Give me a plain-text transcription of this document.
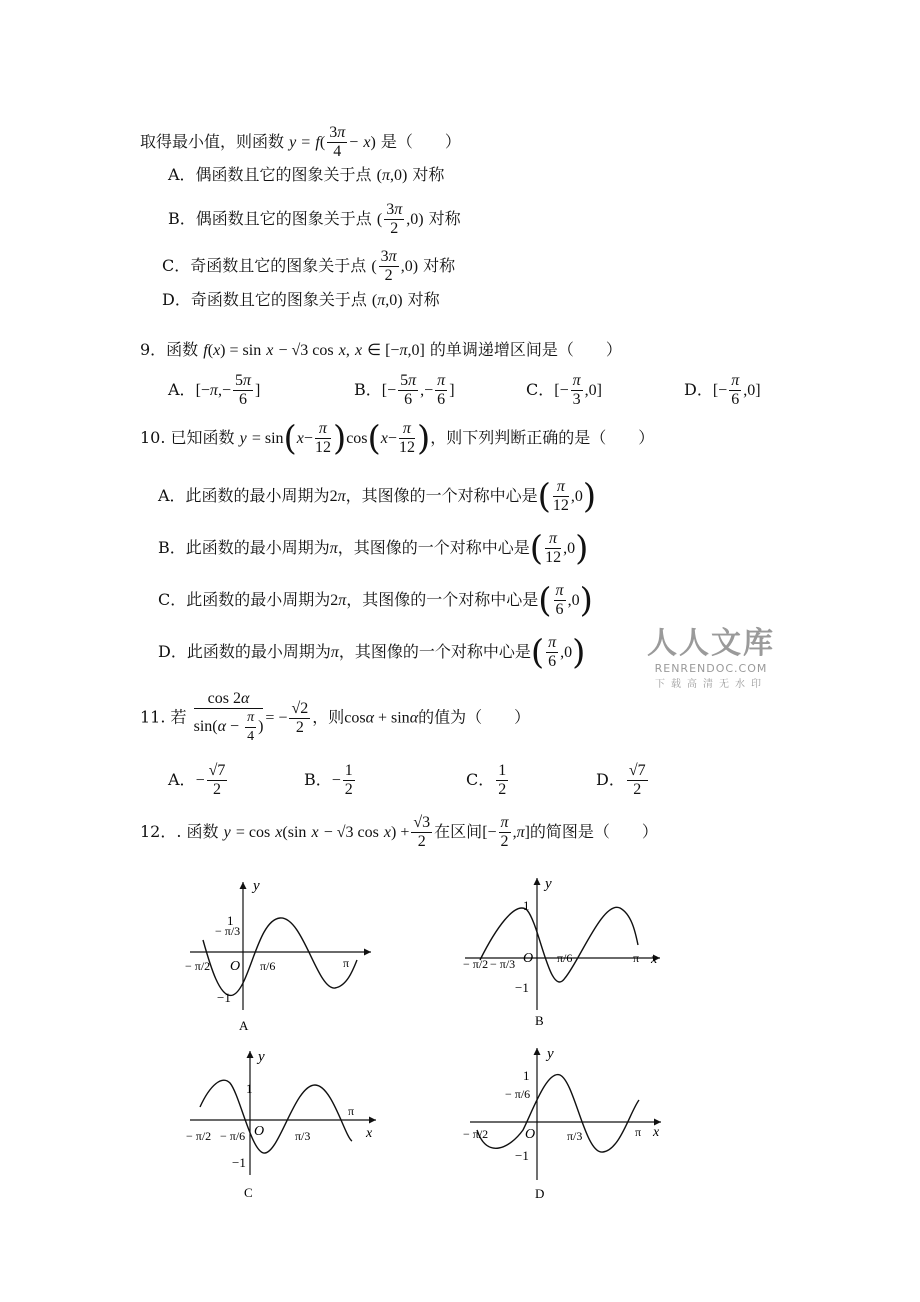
取得最小值，则函数 $y = f( \frac{3\pi}{4} - x)$ 是（　　）
A．偶函数且它的图象关于点 (π,0) 对称
B．偶函数且它的图象关于点 ( $\frac{3\pi}{2} ,0$) 对称
C．奇函数且它的图象关于点 ( $\frac{3\pi}{2} ,0$) 对称
D．奇函数且它的图象关于点 (π,0) 对称
9．函数 f(x) = sin x − √3 cos x, x ∈ [−π,0] 的单调递增区间是（　　）
A．[$-\pi,- \frac{5\pi}{6}$ ]	B．[− $\frac{5\pi}{6}$ ,− $\frac{\pi}{6}$ ]	C．[− $\frac{\pi}{3} ,0$]	D．[− $\frac{\pi}{6} ,0$]
10. 已知函数 $y = \sin(x- \frac{\pi}{12} )\cos(x- \frac{\pi}{12}$ )，则下列判断正确的是（　　）
A．此函数的最小周期为2π，其图像的一个对称中心是( $\frac{\pi}{12} ,0$)
B．此函数的最小周期为π，其图像的一个对称中心是( $\frac{\pi}{12} ,0$)
C．此函数的最小周期为2π，其图像的一个对称中心是( $\frac{\pi}{6} ,0$)
D．此函数的最小周期为π，其图像的一个对称中心是( $\frac{\pi}{6} ,0$) 人人文库
RENRENDOC.COM
下载高清无水印
11. 若 $\frac{\cos 2\alpha}{\sin(\alpha - \frac{\pi}{4} )}$ = − $\frac{√2}{2}$ ，则cosα + sinα的值为（　　）
A．− $\frac{√7}{2}$	B．− $\frac{1}{2}$	C． $\frac{1}{2}$	D． $\frac{√7}{2}$
12．. 函数 y = cos x(sin x − √3 $\cos x) + \frac{√3}{2}$ 在区间[− $\frac{\pi}{2} ,\pi$]的简图是（　　）
y
1
−1
O
− π/3
− π/2	π/6	π
A
y
1
−1
O
− π/2 − π/3	π/6	π x
B
y
1
−1
O
− π/2 − π/6	π/3
π
x
C
y
1
−1
O
− π/6
− π/2	π/3	π x
D
